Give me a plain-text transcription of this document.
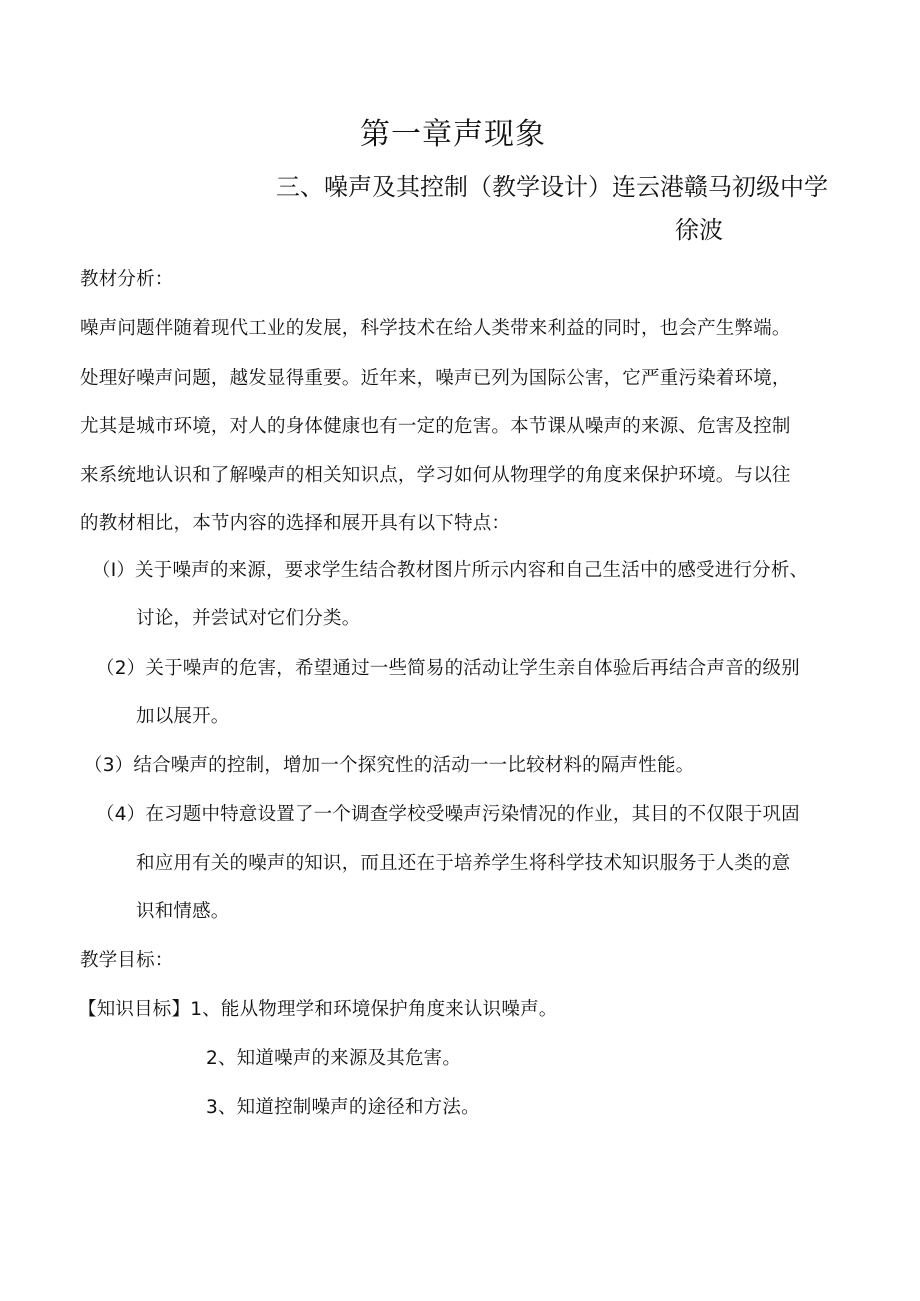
第一章声现象
三、噪声及其控制（教学设计）连云港赣马初级中学
徐波
教材分析：
噪声问题伴随着现代工业的发展，科学技术在给人类带来利益的同时，也会产生弊端。
处理好噪声问题，越发显得重要。近年来，噪声已列为国际公害，它严重污染着环境，
尤其是城市环境，对人的身体健康也有一定的危害。本节课从噪声的来源、危害及控制
来系统地认识和了解噪声的相关知识点，学习如何从物理学的角度来保护环境。与以往
的教材相比，本节内容的选择和展开具有以下特点：
（I）关于噪声的来源，要求学生结合教材图片所示内容和自己生活中的感受进行分析、
讨论，并尝试对它们分类。
（2）关于噪声的危害，希望通过一些简易的活动让学生亲自体验后再结合声音的级别
加以展开。
（3）结合噪声的控制，增加一个探究性的活动一一比较材料的隔声性能。
（4）在习题中特意设置了一个调查学校受噪声污染情况的作业，其目的不仅限于巩固
和应用有关的噪声的知识，而且还在于培养学生将科学技术知识服务于人类的意
识和情感。
教学目标：
【知识目标】1、能从物理学和环境保护角度来认识噪声。
2、知道噪声的来源及其危害。
3、知道控制噪声的途径和方法。
